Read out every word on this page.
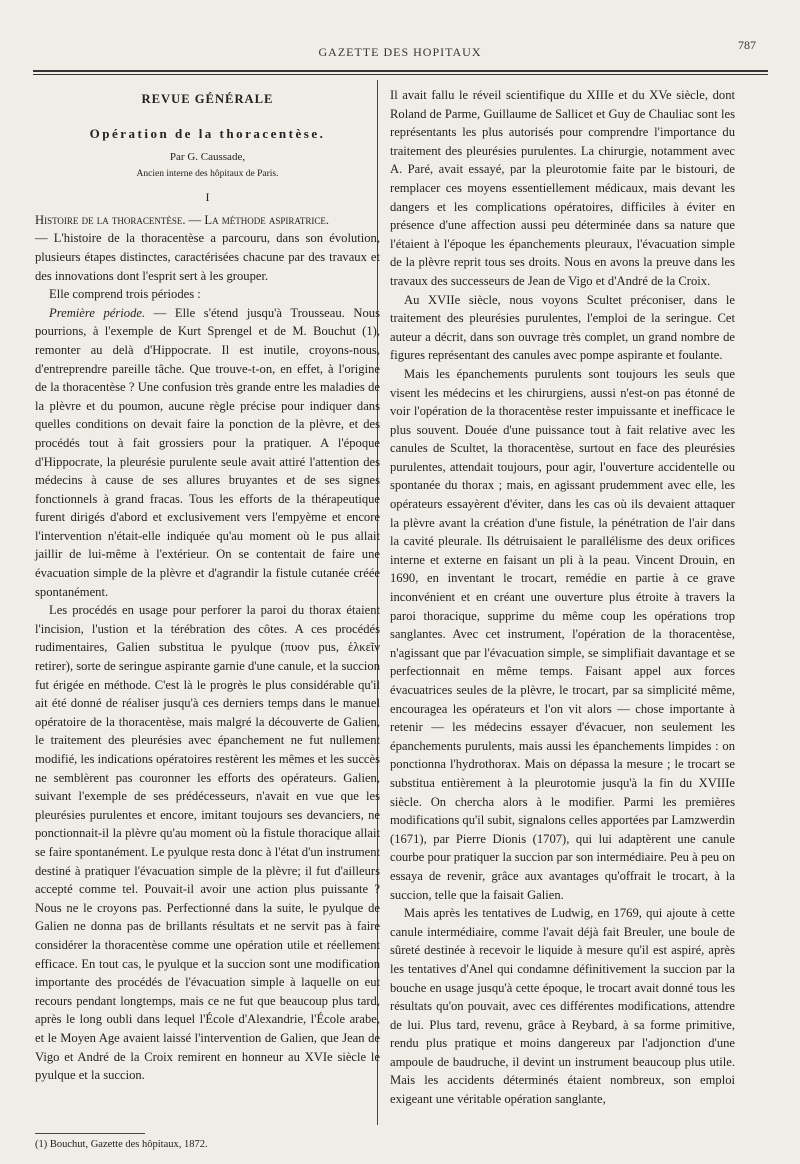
GAZETTE DES HOPITAUX	787
REVUE GÉNÉRALE
Opération de la thoracentèse.
Par G. Caussade,
Ancien interne des hôpitaux de Paris.
I

Histoire de la thoracentèse. — La méthode aspiratrice.

— L'histoire de la thoracentèse a parcouru, dans son évolution, plusieurs étapes distinctes, caractérisées chacune par des travaux et des innovations dont l'esprit sert à les grouper.

Elle comprend trois périodes :

Première période. — Elle s'étend jusqu'à Trousseau. Nous pourrions, à l'exemple de Kurt Sprengel et de M. Bouchut (1), remonter au delà d'Hippocrate. Il est inutile, croyons-nous, d'entreprendre pareille tâche. Que trouve-t-on, en effet, à l'origine de la thoracentèse ? Une confusion très grande entre les maladies de la plèvre et du poumon, aucune règle précise pour indiquer dans quelles conditions on devait faire la ponction de la plèvre, et des procédés tout à fait grossiers pour la pratiquer. A l'époque d'Hippocrate, la pleurésie purulente seule avait attiré l'attention des médecins à cause de ses allures bruyantes et de ses signes fonctionnels à grand fracas. Tous les efforts de la thérapeutique furent dirigés d'abord et exclusivement vers l'empyème et encore l'intervention n'était-elle indiquée qu'au moment où le pus allait jaillir de lui-même à l'extérieur. On se contentait de faire une évacuation simple de la plèvre et d'agrandir la fistule cutanée créée spontanément.

Les procédés en usage pour perforer la paroi du thorax étaient l'incision, l'ustion et la térébration des côtes. A ces procédés rudimentaires, Galien substitua le pyulque (πυον pus, ἑλκεῖν retirer), sorte de seringue aspirante garnie d'une canule, et la succion fut érigée en méthode. C'est là le progrès le plus considérable qu'il ait été donné de réaliser jusqu'à ces derniers temps dans le manuel opératoire de la thoracentèse, mais malgré la découverte de Galien, le traitement des pleurésies avec épanchement ne fut nullement modifié, les indications opératoires restèrent les mêmes et les succès ne semblèrent pas couronner les efforts des opérateurs. Galien, suivant l'exemple de ses prédécesseurs, n'avait en vue que les pleurésies purulentes et encore, imitant toujours ses devanciers, ne ponctionnait-il la plèvre qu'au moment où la fistule thoracique allait se faire spontanément. Le pyulque resta donc à l'état d'un instrument destiné à pratiquer l'évacuation simple de la plèvre; il fut d'ailleurs accepté comme tel. Pouvait-il avoir une action plus puissante ? Nous ne le croyons pas. Perfectionné dans la suite, le pyulque de Galien ne donna pas de brillants résultats et ne servit pas à faire considérer la thoracentèse comme une opération utile et réellement efficace. En tout cas, le pyulque et la succion sont une modification importante des procédés de l'évacuation simple à laquelle on eut recours pendant longtemps, mais ce ne fut que beaucoup plus tard, après le long oubli dans lequel l'École d'Alexandrie, l'École arabe, et le Moyen Age avaient laissé l'intervention de Galien, que Jean de Vigo et André de la Croix remirent en honneur au XVIe siècle le pyulque et la succion.

Il avait fallu le réveil scientifique du XIIIe et du XVe siècle, dont Roland de Parme, Guillaume de Sallicet et Guy de Chauliac sont les représentants les plus autorisés pour comprendre l'importance du traitement des pleurésies purulentes. La chirurgie, notamment avec A. Paré, avait essayé, par la pleurotomie faite par le bistouri, de remplacer ces moyens essentiellement médicaux, mais devant les dangers et les complications opératoires, difficiles à éviter en présence d'une affection aussi peu déterminée dans sa nature que l'étaient à l'époque les épanchements pleuraux, l'évacuation simple de la plèvre reprit tous ses droits. Nous en avons la preuve dans les travaux des successeurs de Jean de Vigo et d'André de la Croix.

Au XVIIe siècle, nous voyons Scultet préconiser, dans le traitement des pleurésies purulentes, l'emploi de la seringue. Cet auteur a décrit, dans son ouvrage très complet, un grand nombre de figures représentant des canules avec pompe aspirante et foulante.

Mais les épanchements purulents sont toujours les seuls que visent les médecins et les chirurgiens, aussi n'est-on pas étonné de voir l'opération de la thoracentèse rester impuissante et inefficace le plus souvent. Douée d'une puissance tout à fait relative avec les canules de Scultet, la thoracentèse, surtout en face des pleurésies purulentes, attendait toujours, pour agir, l'ouverture accidentelle ou spontanée du thorax ; mais, en agissant prudemment avec elle, les opérateurs essayèrent d'éviter, dans les cas où ils devaient attaquer la plèvre avant la création d'une fistule, la pénétration de l'air dans la cavité pleurale. Ils détruisaient le parallélisme des deux orifices interne et externe en faisant un pli à la peau. Vincent Drouin, en 1690, en inventant le trocart, remédie en partie à ce grave inconvénient et en créant une ouverture plus étroite à travers la paroi thoracique, supprime du même coup les opérations trop sanglantes. Avec cet instrument, l'opération de la thoracentèse, n'agissant que par l'évacuation simple, se simplifiait davantage et se perfectionnait en même temps. Faisant appel aux forces évacuatrices seules de la plèvre, le trocart, par sa simplicité même, encouragea les opérateurs et l'on vit alors — chose importante à retenir — les médecins essayer d'évacuer, non seulement les épanchements purulents, mais aussi les épanchements limpides : on ponctionna l'hydrothorax. Mais on dépassa la mesure ; le trocart se substitua entièrement à la pleurotomie jusqu'à la fin du XVIIIe siècle. On chercha alors à le modifier. Parmi les premières modifications qu'il subit, signalons celles apportées par Lamzwerdin (1671), par Pierre Dionis (1707), qui lui adaptèrent une canule courbe pour pratiquer la succion par son intermédiaire. Peu à peu on essaya de revenir, grâce aux avantages qu'offrait le trocart, à la succion, telle que la faisait Galien.

Mais après les tentatives de Ludwig, en 1769, qui ajoute à cette canule intermédiaire, comme l'avait déjà fait Breuler, une boule de sûreté destinée à recevoir le liquide à mesure qu'il est aspiré, après les tentatives d'Anel qui condamne définitivement la succion par la bouche en usage jusqu'à cette époque, le trocart avait donné tous les résultats qu'on pouvait, avec ces différentes modifications, attendre de lui. Plus tard, revenu, grâce à Reybard, à sa forme primitive, rendu plus pratique et moins dangereux par l'adjonction d'une ampoule de baudruche, il devint un instrument beaucoup plus utile. Mais les accidents déterminés étaient nombreux, son emploi exigeant une véritable opération sanglante,

(1) Bouchut, Gazette des hôpitaux, 1872.
